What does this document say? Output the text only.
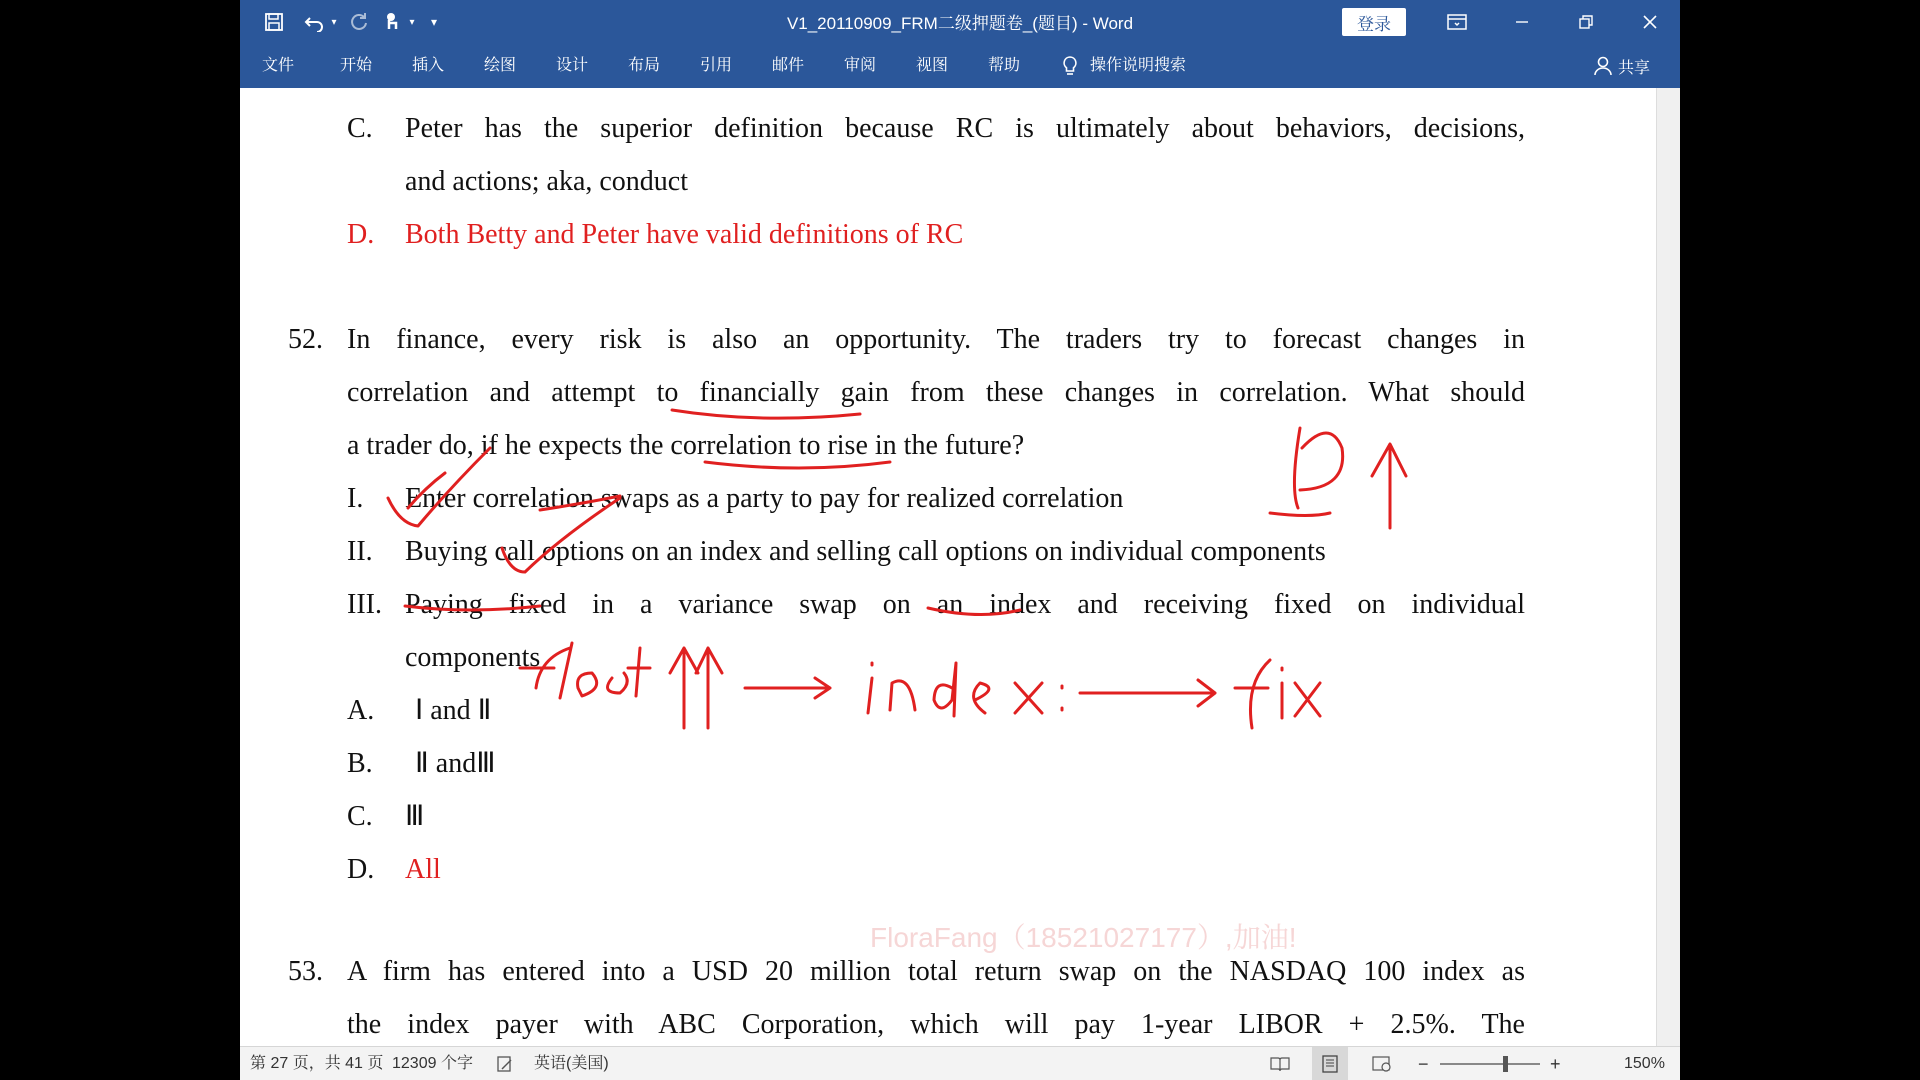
▾	▾	▾	V1_20110909_FRM二级押题卷_(题目) - Word	登录
文件	开始 插入 绘图 设计 布局 引用 邮件 审阅 视图 帮助	操作说明搜索	共享
C. Peter has the superior definition because RC is ultimately about behaviors, decisions,
and actions; aka, conduct
D. Both Betty and Peter have valid definitions of RC
52. In finance, every risk is also an opportunity. The traders try to forecast changes in
correlation and attempt to financially gain from these changes in correlation. What should
a trader do, if he expects the correlation to rise in the future?
I. Enter correlation swaps as a party to pay for realized correlation
II. Buying call options on an index and selling call options on individual components
III. Paying fixed in a variance swap on an index and receiving fixed on individual
components
A. Ⅰ and Ⅱ
B. Ⅱ andⅢ
C. Ⅲ
D. All
FloraFang（18521027177）,加油!
53. A firm has entered into a USD 20 million total return swap on the NASDAQ 100 index as
the index payer with ABC Corporation, which will pay 1-year LIBOR + 2.5%. The
第 27 页，共 41 页 12309 个字	英语(美国)	−	+	150%
